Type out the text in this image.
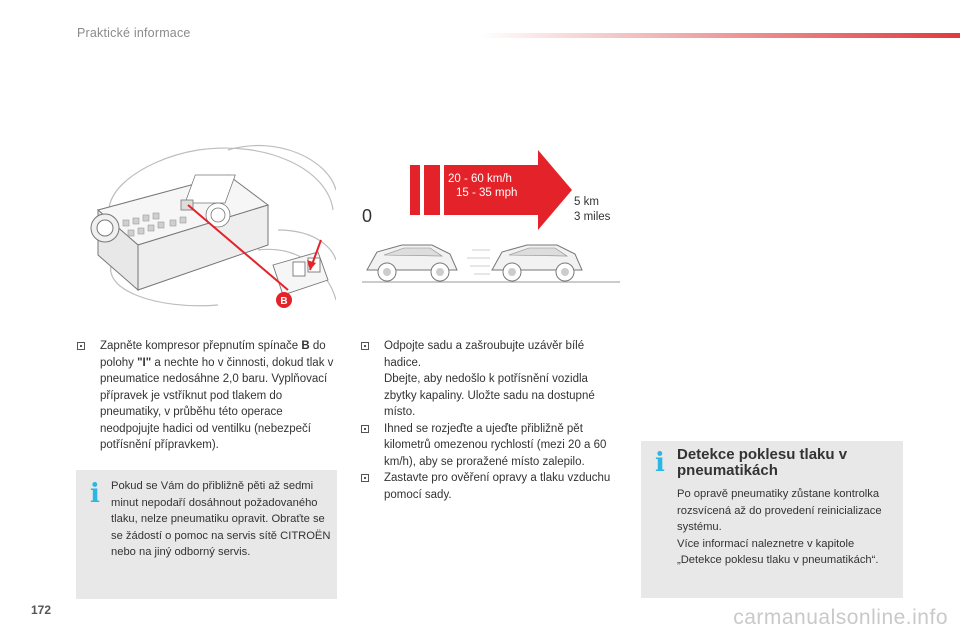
Praktické informace
B
20 - 60 km/h
15 - 35 mph
0
5 km
3 miles
Zapněte kompresor přepnutím spínače B do polohy "I" a nechte ho v činnosti, dokud tlak v pneumatice nedosáhne 2,0 baru. Vyplňovací přípravek je vstříknut pod tlakem do pneumatiky, v průběhu této operace neodpojujte hadici od ventilku (nebezpečí potřísnění přípravkem).
Odpojte sadu a zašroubujte uzávěr bílé hadice.
Dbejte, aby nedošlo k potřísnění vozidla zbytky kapaliny. Uložte sadu na dostupné místo.
Ihned se rozjeďte a ujeďte přibližně pět kilometrů omezenou rychlostí (mezi 20 a 60 km/h), aby se proražené místo zalepilo.
Zastavte pro ověření opravy a tlaku vzduchu pomocí sady.
i Pokud se Vám do přibližně pěti až sedmi minut nepodaří dosáhnout požadovaného tlaku, nelze pneumatiku opravit. Obraťte se se žádostí o pomoc na servis sítě CITROËN nebo na jiný odborný servis.
i Detekce poklesu tlaku v pneumatikách
Po opravě pneumatiky zůstane kontrolka rozsvícená až do provedení reinicializace systému.
Více informací naleznetre v kapitole „Detekce poklesu tlaku v pneumatikách“.
172	carmanualsonline.info
